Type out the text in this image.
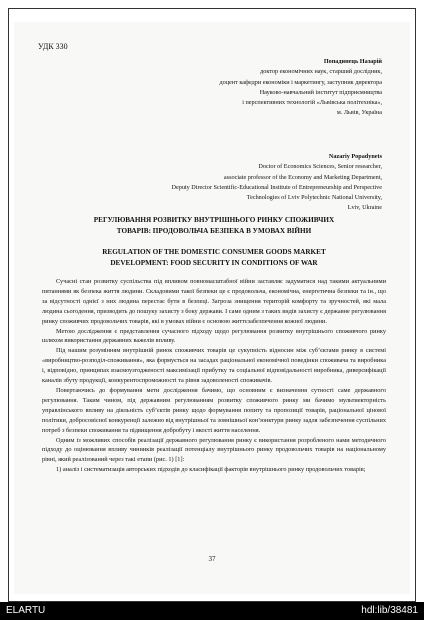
УДК 330
Попадинець Назарій
доктор економічних наук, старший дослідник,
доцент кафедри економіки і маркетингу, заступник директора
Науково-навчальний інститут підприємництва
і перспективних технологій «Львівська політехніка»,
м. Львів, Україна
Nazariy Popadynets
Doctor of Economics Sciences, Senior researcher,
associate professor of the Economy and Marketing Department,
Deputy Director Scientific-Educational Institute of Entrepreneurship and Perspective
Technologies of Lviv Polytechnic National University,
Lviv, Ukraine
РЕГУЛЮВАННЯ РОЗВИТКУ ВНУТРІШНЬОГО РИНКУ СПОЖИВЧИХ
ТОВАРІВ: ПРОДОВОЛЬЧА БЕЗПЕКА В УМОВАХ ВІЙНИ
REGULATION OF THE DOMESTIC CONSUMER GOODS MARKET
DEVELOPMENT: FOOD SECURITY IN CONDITIONS OF WAR

Сучасні стан розвитку суспільства під впливом повномасштабної війни заставляє задуматися над такими актуальними питаннями як безпека життя людини. Складовими такої безпеки це є продовольча, економічна, енергетична безпеки та ін., що за відсутності однієї з них людина перестає бути в безпеці. Загроза знищення територій комфорту та зручностей, які мала людина сьогодення, призводить до пошуку захисту з боку держави. І саме одним з таких видів захисту є державне регулювання ринку споживчих продовольчих товарів, які в умовах війни є основою життєзабезпечення кожної людини.

Метою дослідження є представлення сучасного підходу щодо регулювання розвитку внутрішнього споживчого ринку шляхом використання державних важелів впливу.

Під нашим розумінням внутрішній ринок споживчих товарів це сукупність відносин між суб’єктами ринку в системі «виробництво-розподіл-споживання», яка формується на засадах раціональної економічної поведінки споживача та виробника і, відповідно, принципах взаємоузгодженості максимізації прибутку та соціальної відповідальності виробника, диверсифікації каналів збуту продукції, конкурентоспроможності та рівня задоволеності споживачів.

Повертаючись до формування мети дослідження бачимо, що основним є визначення сутності саме державного регулювання. Таким чином, під державним регулюванням розвитку споживчого ринку ми бачимо мультиекторність управлінського впливу на діяльність суб’єктів ринку щодо формування попиту та пропозиції товарів, раціональної цінової політики, добросовісної конкуренції залежно від внутрішньої та зовнішньої кон’юнктури ринку задля забезпечення суспільних потреб з безпеки споживання та підвищення добробуту і якості життя населення.

Одним із можливих способів реалізації державного регулювання ринку є використання розробленого нами методичного підходу до оцінювання впливу чинників реалізації потенціалу внутрішнього ринку продовольчих товарів на національному рівні, який реалізований через такі етапи (рис. 1) [1]:

1) аналіз і систематизація авторських підходів до класифікації факторів внутрішнього ринку продовольчих товарів;

37
ELARTU	hdl:lib/38481
